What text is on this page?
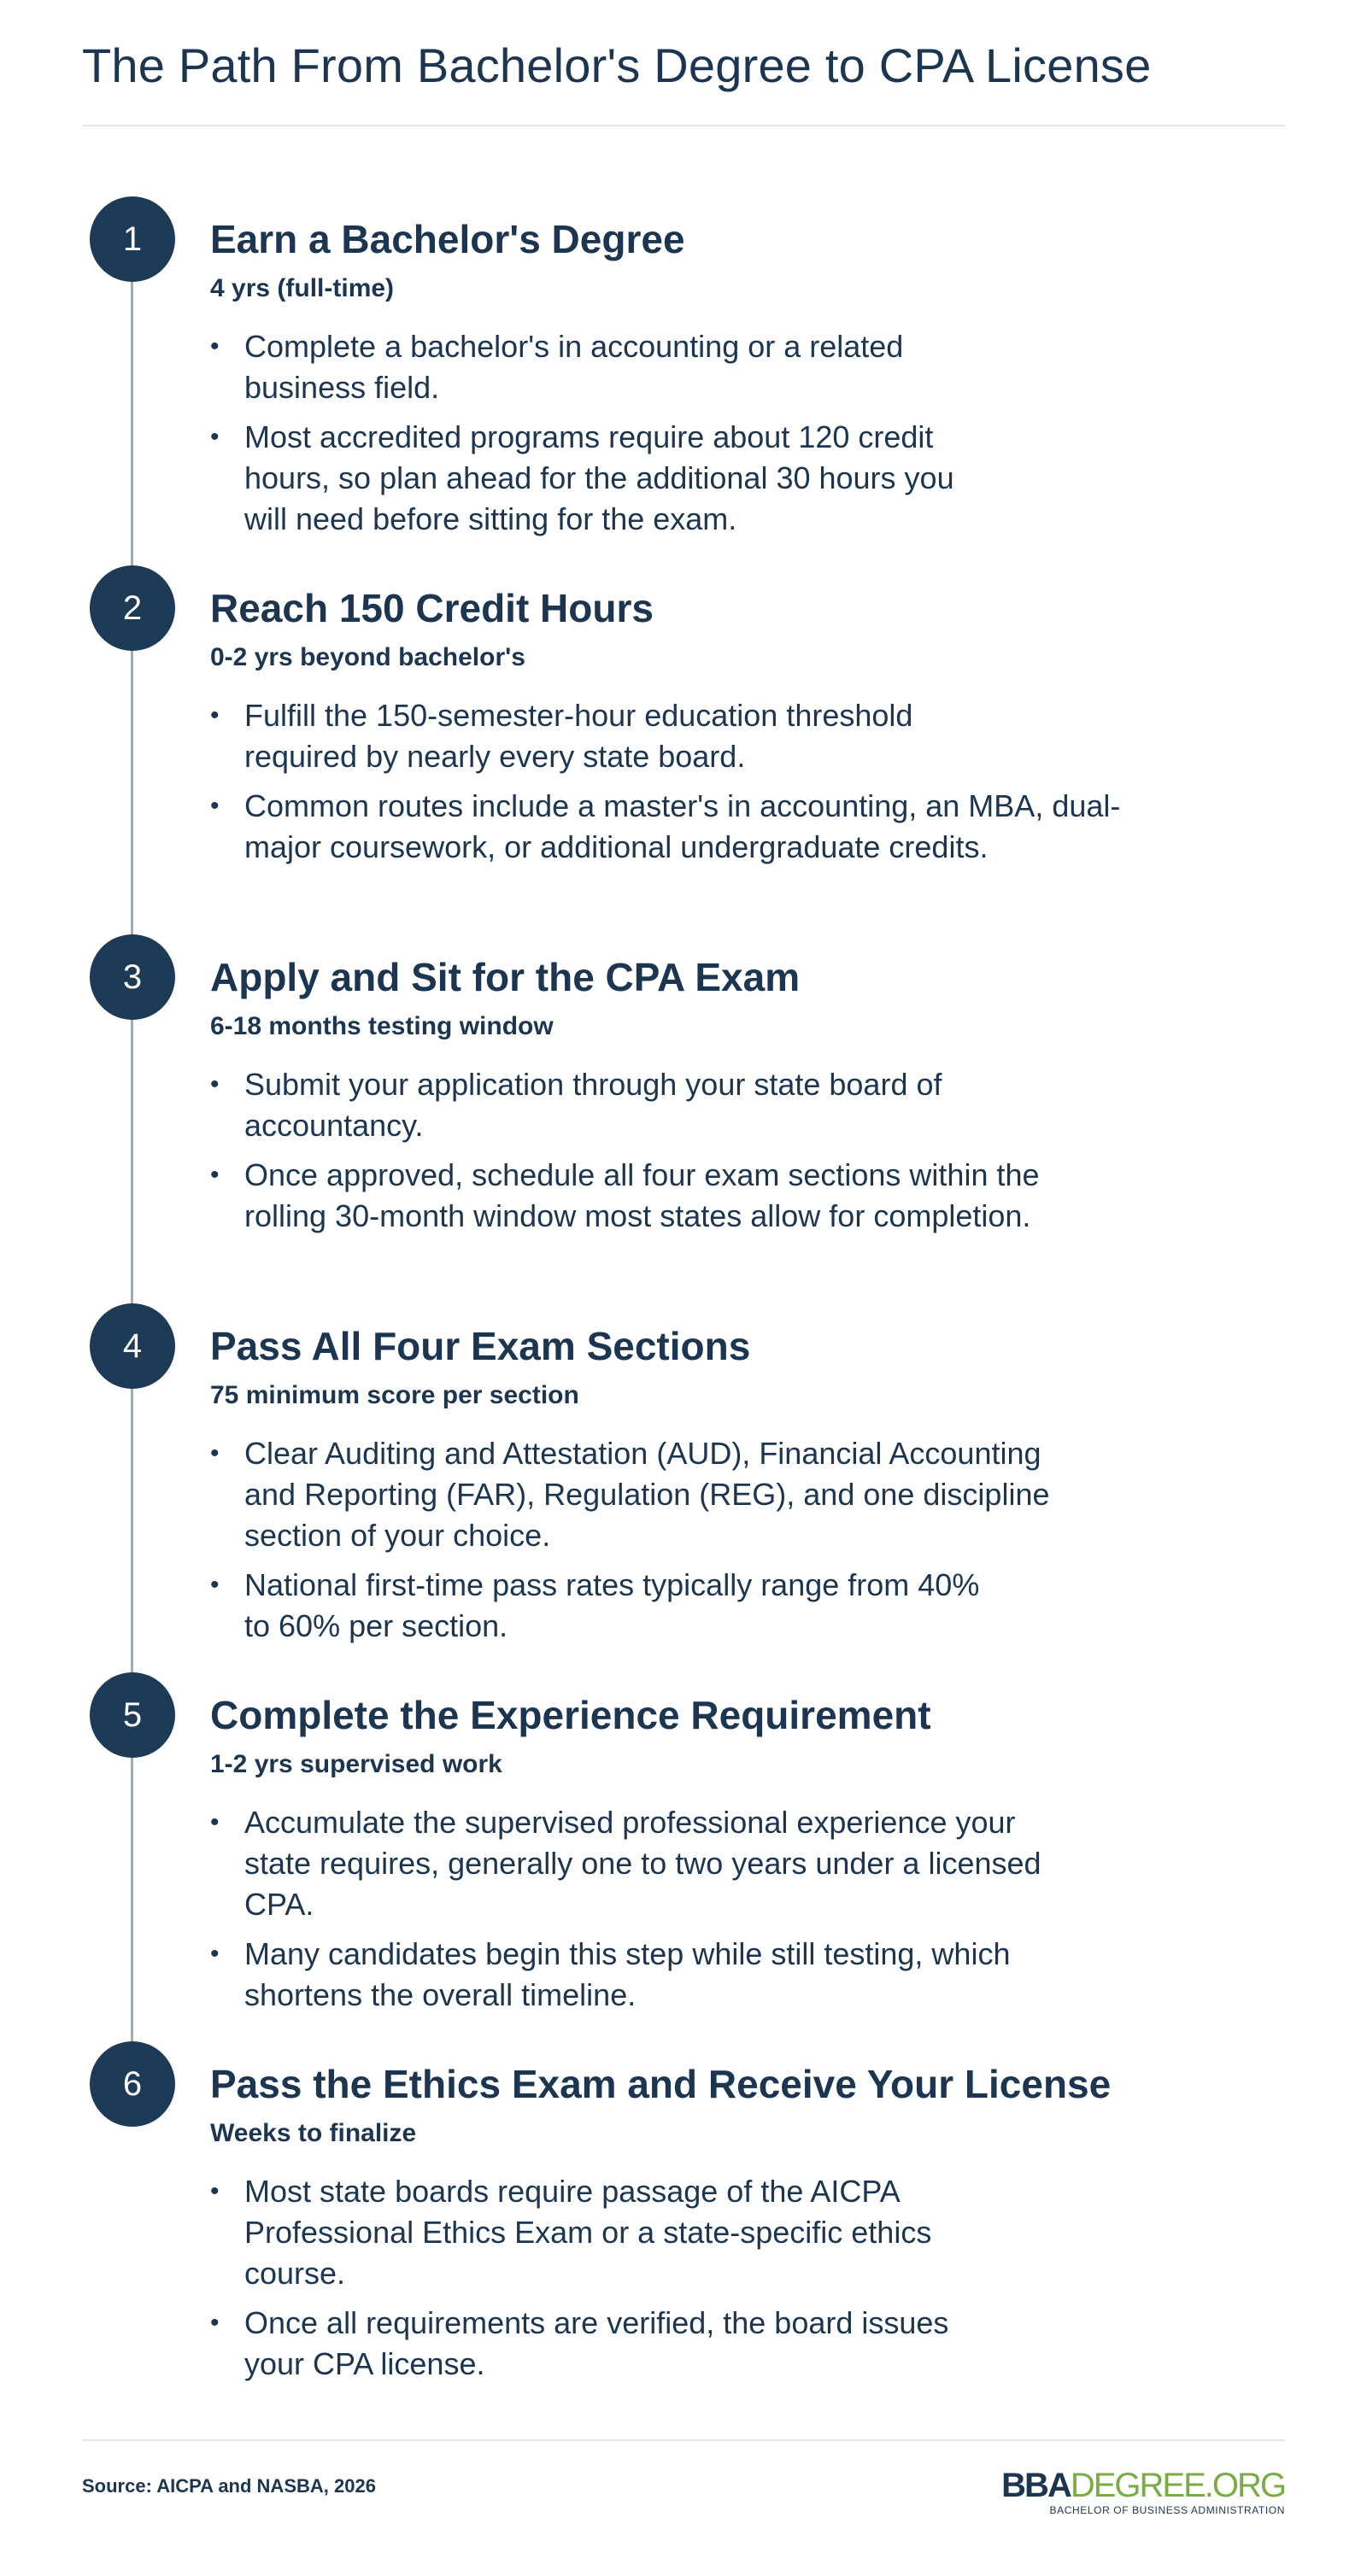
The Path From Bachelor's Degree to CPA License
1	Earn a Bachelor's Degree
4 yrs (full-time)
• Complete a bachelor's in accounting or a related business field.
• Most accredited programs require about 120 credit hours, so plan ahead for the additional 30 hours you will need before sitting for the exam.
2	Reach 150 Credit Hours
0-2 yrs beyond bachelor's
• Fulfill the 150-semester-hour education threshold required by nearly every state board.
• Common routes include a master's in accounting, an MBA, dual-major coursework, or additional undergraduate credits.
3	Apply and Sit for the CPA Exam
6-18 months testing window
• Submit your application through your state board of accountancy.
• Once approved, schedule all four exam sections within the rolling 30-month window most states allow for completion.
4	Pass All Four Exam Sections
75 minimum score per section
• Clear Auditing and Attestation (AUD), Financial Accounting and Reporting (FAR), Regulation (REG), and one discipline section of your choice.
• National first-time pass rates typically range from 40% to 60% per section.
5	Complete the Experience Requirement
1-2 yrs supervised work
• Accumulate the supervised professional experience your state requires, generally one to two years under a licensed CPA.
• Many candidates begin this step while still testing, which shortens the overall timeline.
6	Pass the Ethics Exam and Receive Your License
Weeks to finalize
• Most state boards require passage of the AICPA Professional Ethics Exam or a state-specific ethics course.
• Once all requirements are verified, the board issues your CPA license.
Source: AICPA and NASBA, 2026	BBADEGREE.ORG
BACHELOR OF BUSINESS ADMINISTRATION
